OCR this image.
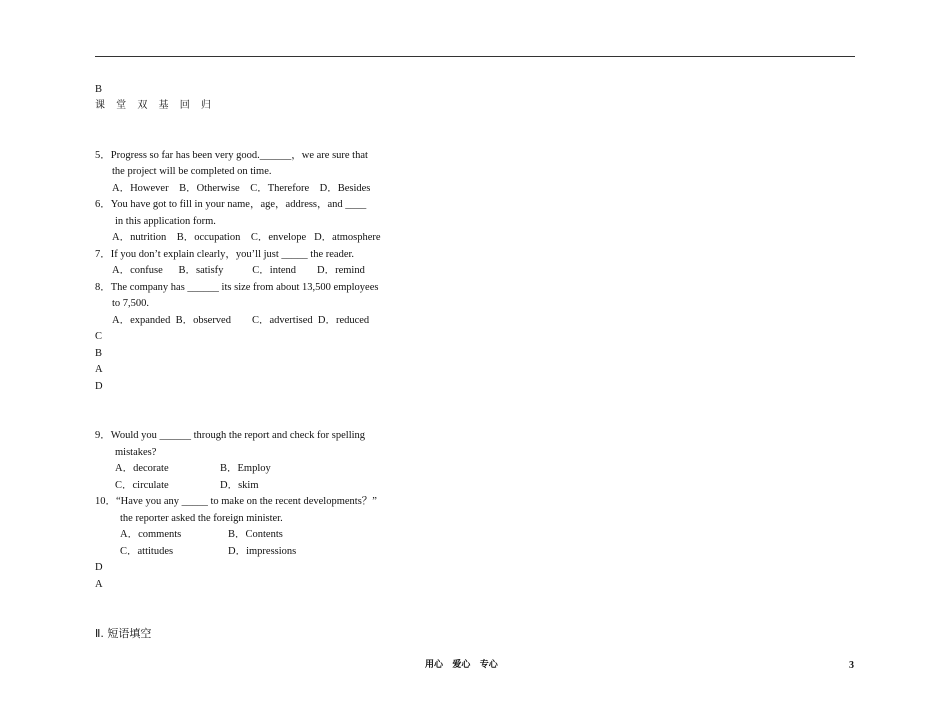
B
课 堂 双 基 回 归
5．Progress so far has been very good.______，we are sure that
the project will be completed on time.
A．However    B．Otherwise    C．Therefore    D．Besides
6．You have got to fill in your name，age，address，and ____
in this application form.
A．nutrition    B．occupation    C．envelope   D．atmosphere
7．If you don’t explain clearly，you’ll just _____ the reader.
A．confuse      B．satisfy           C．intend        D．remind
8．The company has ______ its size from about 13,500 employees
to 7,500.
A．expanded  B．observed        C．advertised  D．reduced
C
B
A
D
9．Would you ______ through the report and check for spelling
mistakes?
A．decorate	B．Employ
C．circulate	D．skim
10．“Have you any _____ to make on the recent developments？”
the reporter asked the foreign minister.
A．comments	B．Contents
C．attitudes	D．impressions
D
A
Ⅱ. 短语填空
用心   爱心   专心	3
